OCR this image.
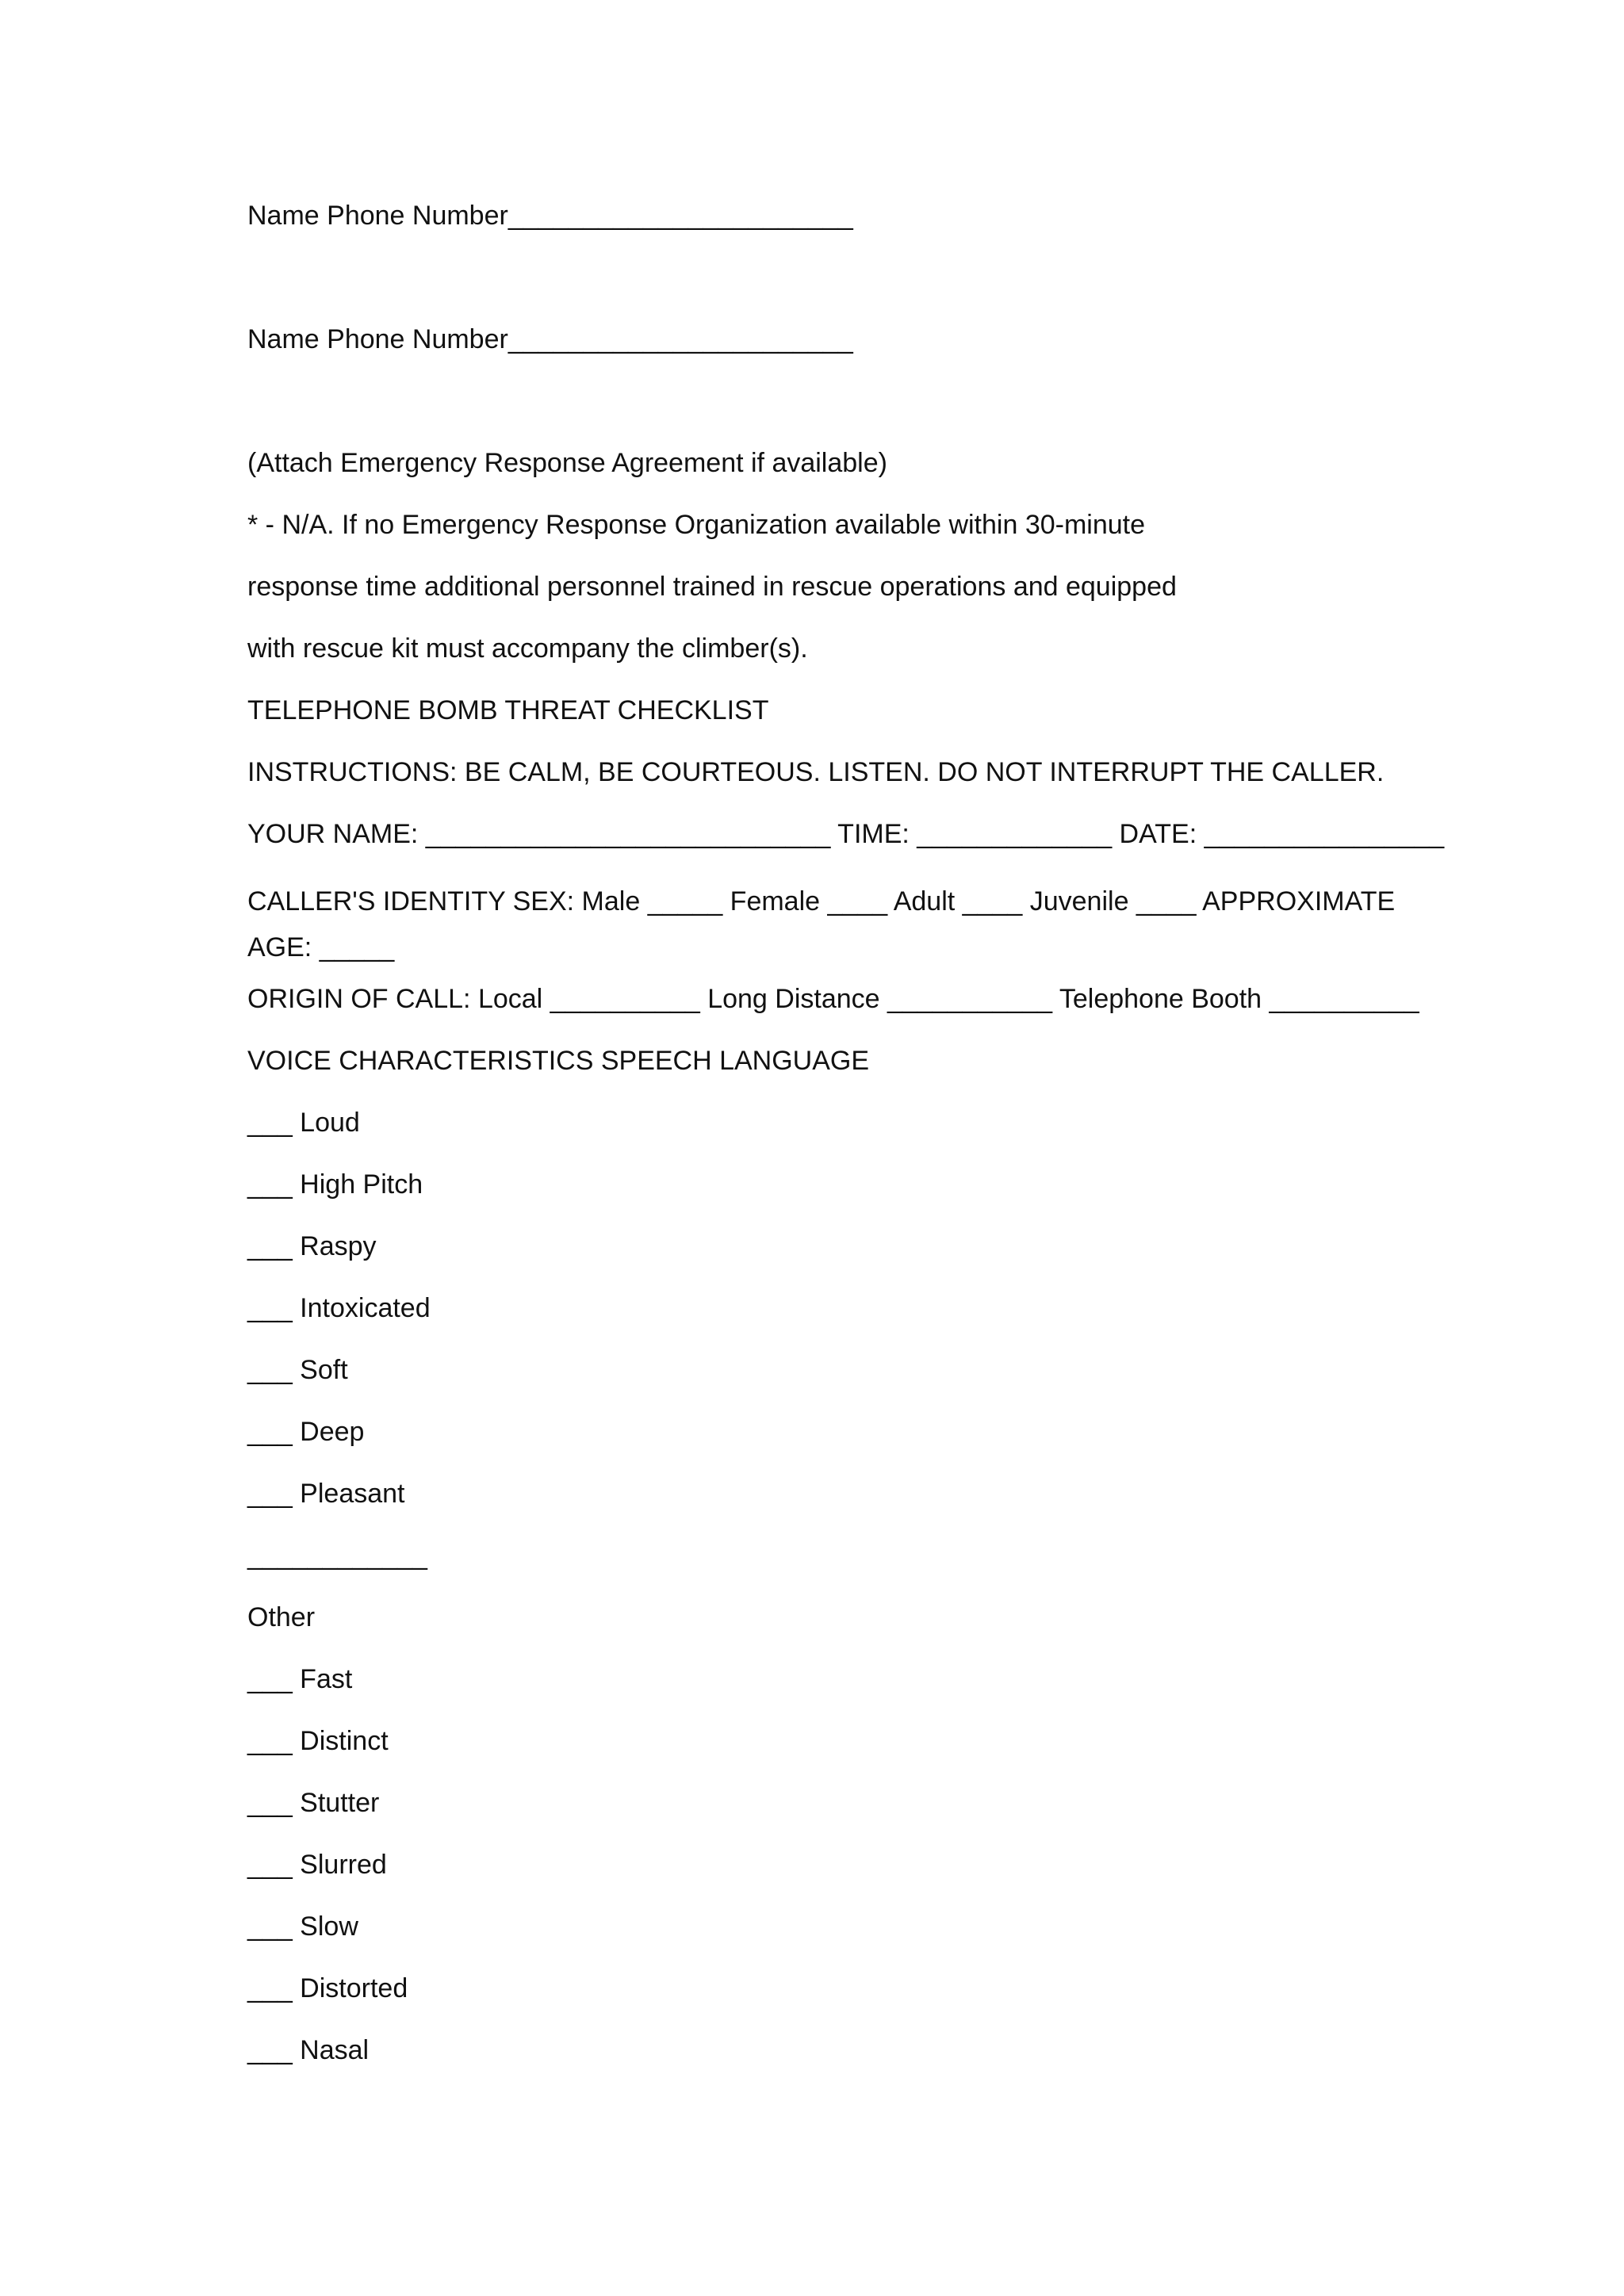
Name Phone Number_______________________
Name Phone Number_______________________
(Attach Emergency Response Agreement if available)
* - N/A. If no Emergency Response Organization available within 30-minute
response time additional personnel trained in rescue operations and equipped
with rescue kit must accompany the climber(s).
TELEPHONE BOMB THREAT CHECKLIST
INSTRUCTIONS: BE CALM, BE COURTEOUS. LISTEN. DO NOT INTERRUPT THE CALLER.
YOUR NAME: ___________________________ TIME: _____________ DATE: ________________
CALLER'S IDENTITY SEX: Male _____ Female ____ Adult ____ Juvenile ____ APPROXIMATE AGE: _____
ORIGIN OF CALL: Local __________ Long Distance ___________ Telephone Booth __________
VOICE CHARACTERISTICS SPEECH LANGUAGE
___ Loud
___ High Pitch
___ Raspy
___ Intoxicated
___ Soft
___ Deep
___ Pleasant
____________
Other
___ Fast
___ Distinct
___ Stutter
___ Slurred
___ Slow
___ Distorted
___ Nasal
